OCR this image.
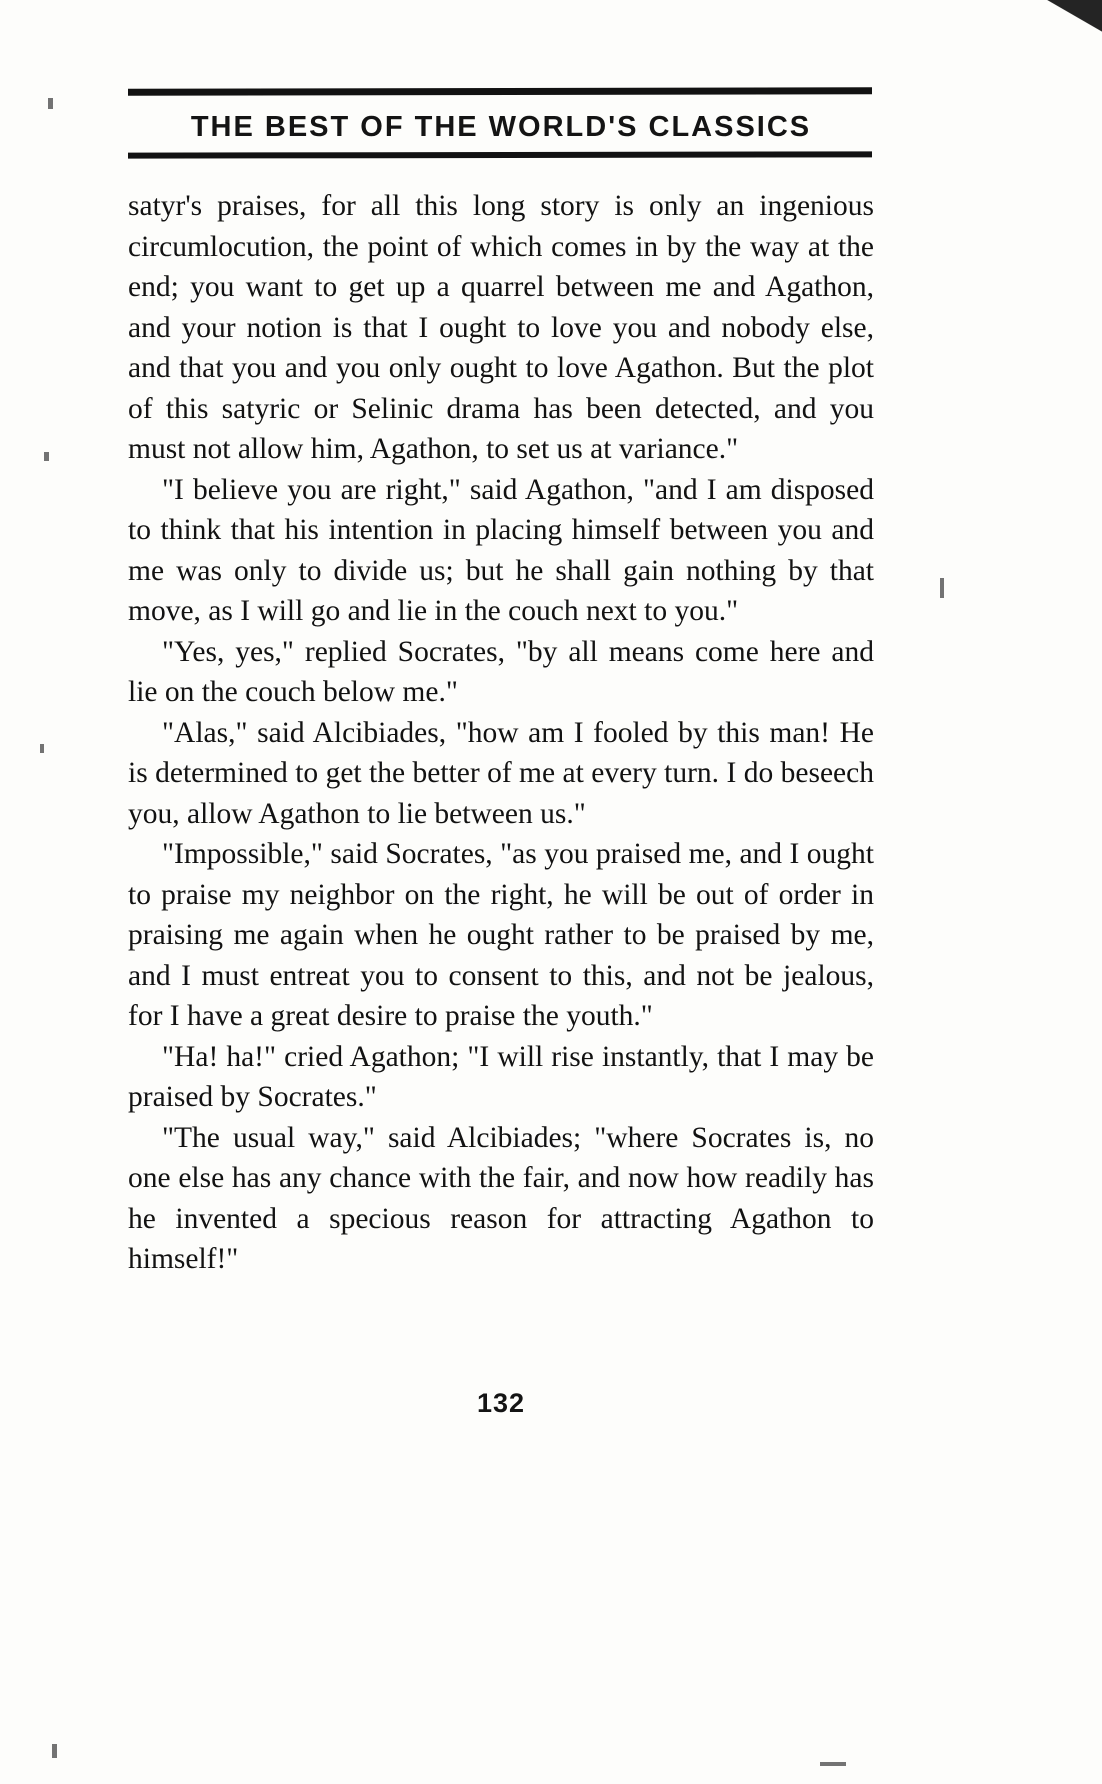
THE BEST OF THE WORLD'S CLASSICS

satyr's praises, for all this long story is only an ingenious circumlocution, the point of which comes in by the way at the end; you want to get up a quarrel between me and Agathon, and your notion is that I ought to love you and nobody else, and that you and you only ought to love Agathon. But the plot of this satyric or Selinic drama has been detected, and you must not allow him, Agathon, to set us at variance."

"I believe you are right," said Agathon, "and I am disposed to think that his intention in placing himself between you and me was only to divide us; but he shall gain nothing by that move, as I will go and lie in the couch next to you."

"Yes, yes," replied Socrates, "by all means come here and lie on the couch below me."

"Alas," said Alcibiades, "how am I fooled by this man! He is determined to get the better of me at every turn. I do beseech you, allow Agathon to lie between us."

"Impossible," said Socrates, "as you praised me, and I ought to praise my neighbor on the right, he will be out of order in praising me again when he ought rather to be praised by me, and I must entreat you to consent to this, and not be jealous, for I have a great desire to praise the youth."

"Ha! ha!" cried Agathon; "I will rise instantly, that I may be praised by Socrates."

"The usual way," said Alcibiades; "where Socrates is, no one else has any chance with the fair, and now how readily has he invented a specious reason for attracting Agathon to himself!"

132
